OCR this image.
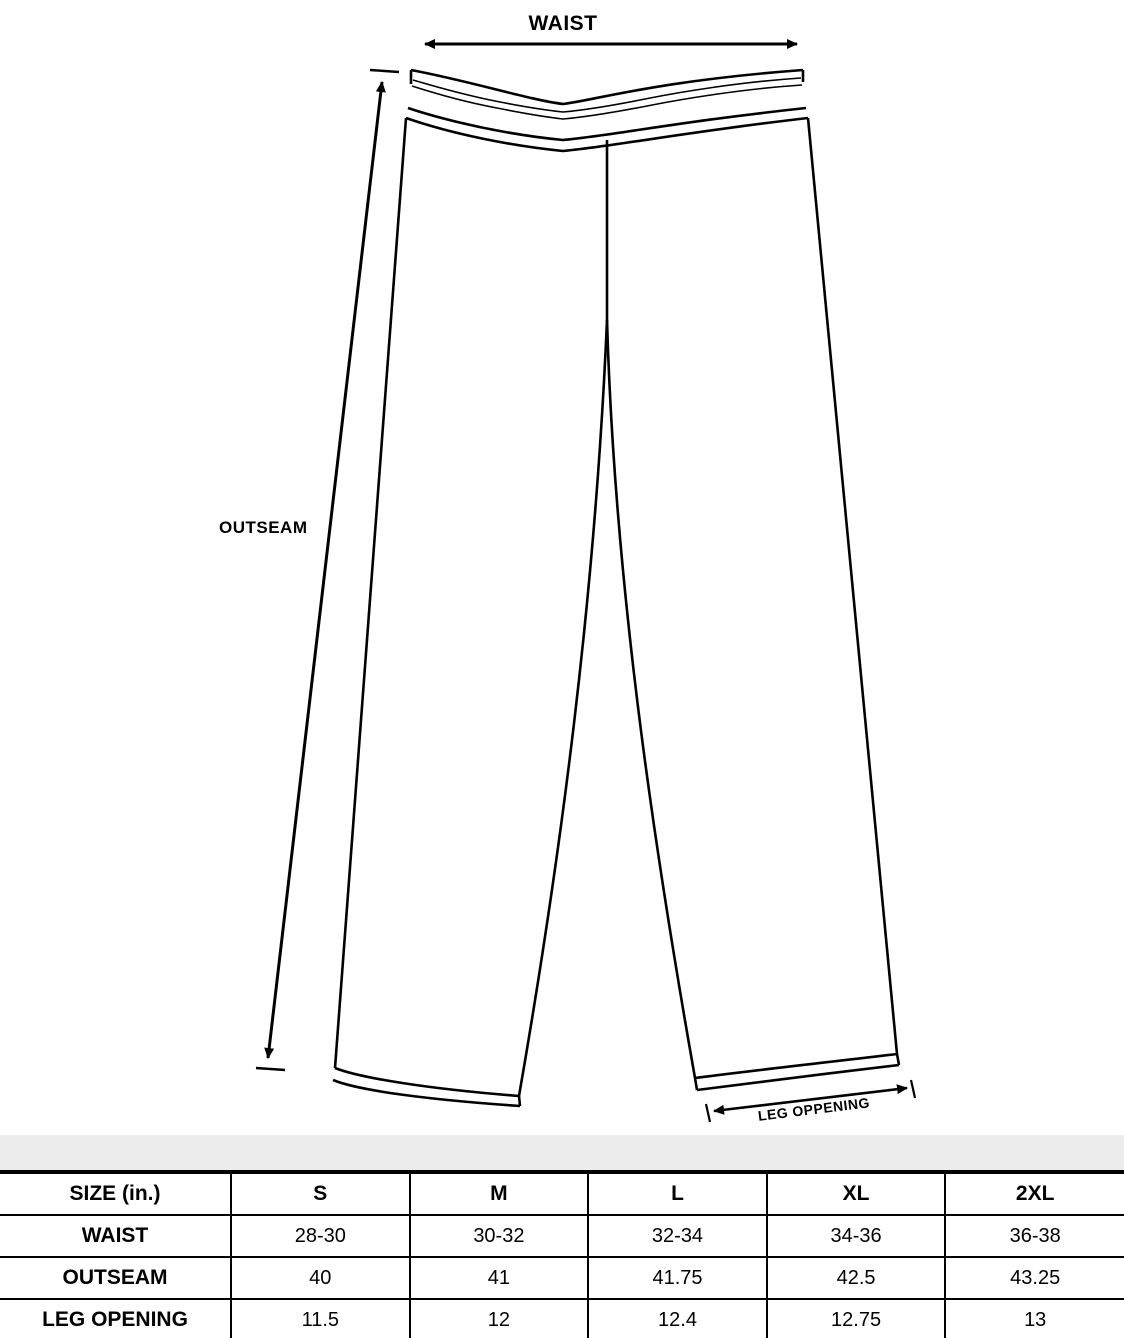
WAIST
OUTSEAM
LEG OPPENING
SIZE (in.)	S	M	L	XL	2XL
WAIST	28-30	30-32	32-34	34-36	36-38
OUTSEAM	40	41	41.75	42.5	43.25
LEG OPENING	11.5	12	12.4	12.75	13
